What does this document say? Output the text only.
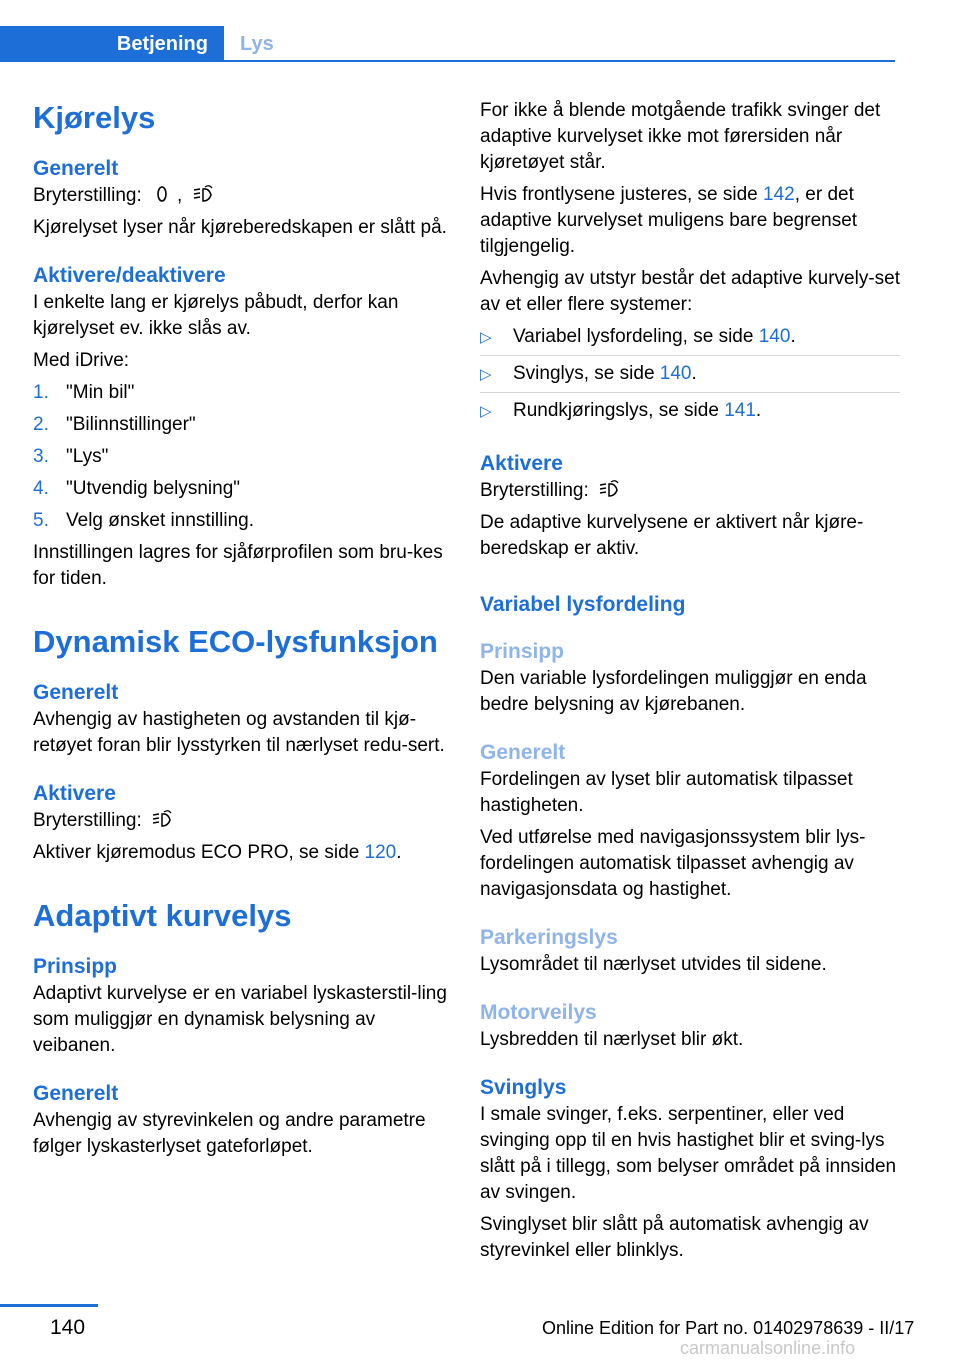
Betjening Lys
Kjørelys
Generelt

Bryterstilling: ,

Kjørelyset lyser når kjøreberedskapen er slått på.

Aktivere/deaktivere

I enkelte lang er kjørelys påbudt, derfor kan kjørelyset ev. ikke slås av.

Med iDrive:

1. "Min bil"
2. "Bilinnstillinger"
3. "Lys"
4. "Utvendig belysning"
5. Velg ønsket innstilling.

Innstillingen lagres for sjåførprofilen som bru‐kes for tiden.

Dynamisk ECO-lysfunksjon
Generelt

Avhengig av hastigheten og avstanden til kjø‐retøyet foran blir lysstyrken til nærlyset redu‐sert.

Aktivere

Bryterstilling:

Aktiver kjøremodus ECO PRO, se side 120.

Adaptivt kurvelys
Prinsipp

Adaptivt kurvelyse er en variabel lyskasterstil‐ling som muliggjør en dynamisk belysning av veibanen.

Generelt

Avhengig av styrevinkelen og andre parametre følger lyskasterlyset gateforløpet.

For ikke å blende motgående trafikk svinger det adaptive kurvelyset ikke mot førersiden når kjøretøyet står.

Hvis frontlysene justeres, se side 142, er det adaptive kurvelyset muligens bare begrenset tilgjengelig.

Avhengig av utstyr består det adaptive kurvely‐set av et eller flere systemer:

▷ Variabel lysfordeling, se side 140.
▷ Svinglys, se side 140.
▷ Rundkjøringslys, se side 141.
Aktivere

Bryterstilling:

De adaptive kurvelysene er aktivert når kjøre‐beredskap er aktiv.

Variabel lysfordeling
Prinsipp

Den variable lysfordelingen muliggjør en enda bedre belysning av kjørebanen.

Generelt

Fordelingen av lyset blir automatisk tilpasset hastigheten.

Ved utførelse med navigasjonssystem blir lys‐fordelingen automatisk tilpasset avhengig av navigasjonsdata og hastighet.

Parkeringslys

Lysområdet til nærlyset utvides til sidene.

Motorveilys

Lysbredden til nærlyset blir økt.

Svinglys

I smale svinger, f.eks. serpentiner, eller ved svinging opp til en hvis hastighet blir et sving‐lys slått på i tillegg, som belyser området på innsiden av svingen.

Svinglyset blir slått på automatisk avhengig av styrevinkel eller blinklys.

140	Online Edition for Part no. 01402978639 - II/17
carmanualsonline.info
